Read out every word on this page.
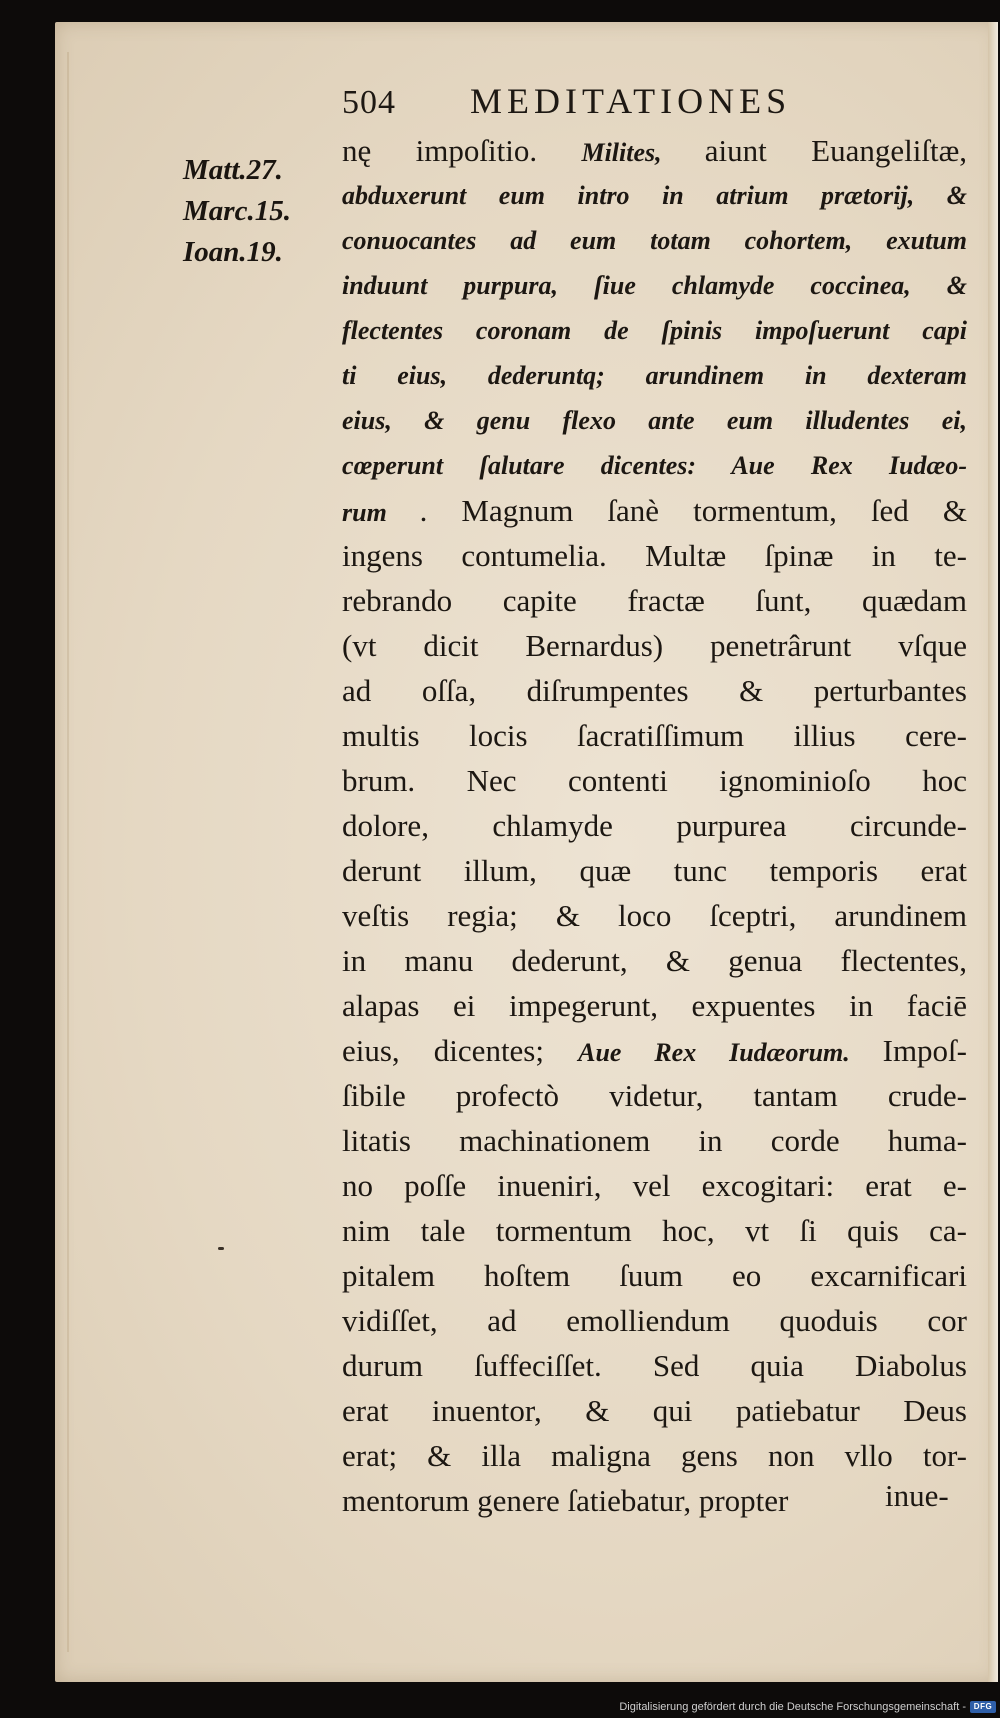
504 MEDITATIONES
Matt.27.
Marc.15.
Ioan.19.
nę impoſitio. Milites, aiunt Euangeliſtæ,
abduxerunt eum intro in atrium prætorij, &
conuocantes ad eum totam cohortem, exutum
induunt purpura, ſiue chlamyde coccinea, &
flectentes coronam de ſpinis impoſuerunt capi
ti eius, dederuntq; arundinem in dexteram
eius, & genu flexo ante eum illudentes ei,
cœperunt ſalutare dicentes: Aue Rex Iudæo-
rum . Magnum ſanè tormentum, ſed &
ingens contumelia. Multæ ſpinæ in te-
rebrando capite fractæ ſunt, quædam
(vt dicit Bernardus) penetrârunt vſque
ad oſſa, diſrumpentes & perturbantes
multis locis ſacratiſſimum illius cere-
brum. Nec contenti ignominioſo hoc
dolore, chlamyde purpurea circunde-
derunt illum, quæ tunc temporis erat
veſtis regia; & loco ſceptri, arundinem
in manu dederunt, & genua flectentes,
alapas ei impegerunt, expuentes in faciē
eius, dicentes; Aue Rex Iudæorum. Impoſ-
ſibile profectò videtur, tantam crude-
litatis machinationem in corde huma-
no poſſe inueniri, vel excogitari: erat e-
nim tale tormentum hoc, vt ſi quis ca-
pitalem hoſtem ſuum eo excarnificari
vidiſſet, ad emolliendum quoduis cor
durum ſuffeciſſet. Sed quia Diabolus
erat inuentor, & qui patiebatur Deus
erat; & illa maligna gens non vllo tor-
mentorum genere ſatiebatur, propter	inue-
Digitalisierung gefördert durch die Deutsche Forschungsgemeinschaft - DFG
